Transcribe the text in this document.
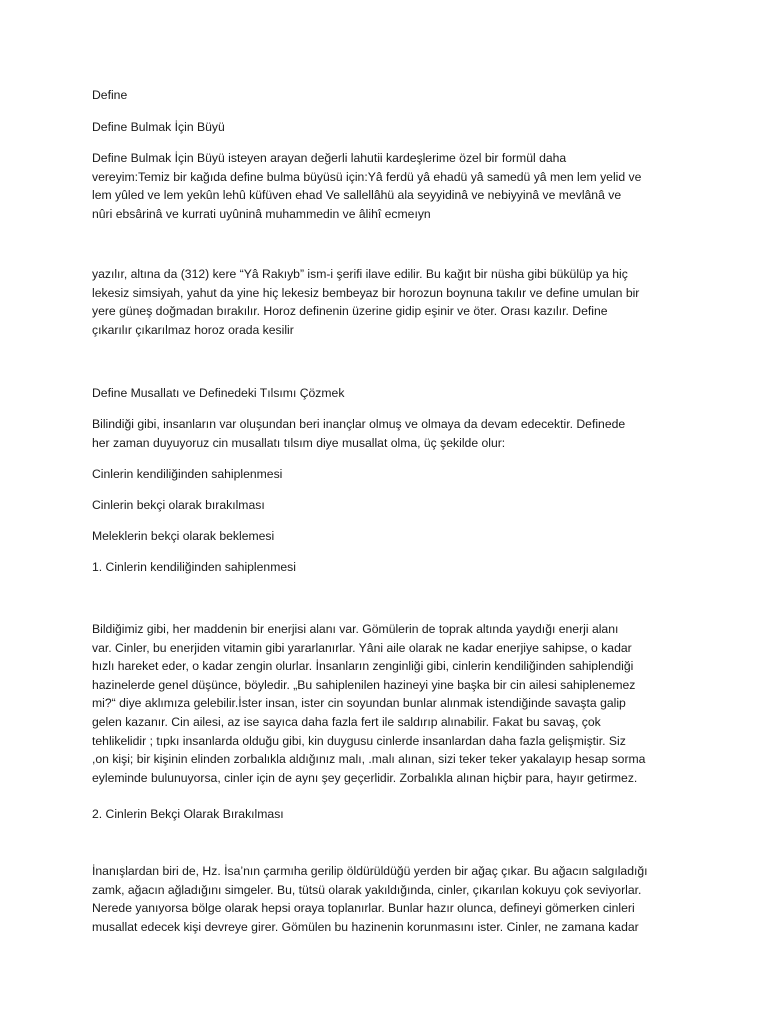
Define

Define Bulmak İçin Büyü

Define Bulmak İçin Büyü isteyen arayan değerli lahutii kardeşlerime özel bir formül daha
vereyim:Temiz bir kağıda define bulma büyüsü için:Yâ ferdü yâ ehadü yâ samedü yâ men lem yelid ve
lem yûled ve lem yekûn lehû küfüven ehad Ve sallellâhü ala seyyidinâ ve nebiyyinâ ve mevlânâ ve
nûri ebsârinâ ve kurrati uyûninâ muhammedin ve âlihî ecmeıyn
yazılır, altına da (312) kere “Yâ Rakıyb” ism-i şerifi ilave edilir. Bu kağıt bir nüsha gibi bükülüp ya hiç
lekesiz simsiyah, yahut da yine hiç lekesiz bembeyaz bir horozun boynuna takılır ve define umulan bir
yere güneş doğmadan bırakılır. Horoz definenin üzerine gidip eşinir ve öter. Orası kazılır. Define
çıkarılır çıkarılmaz horoz orada kesilir

Define Musallatı ve Definedeki Tılsımı Çözmek

Bilindiği gibi, insanların var oluşundan beri inançlar olmuş ve olmaya da devam edecektir. Definede
her zaman duyuyoruz cin musallatı tılsım diye musallat olma, üç şekilde olur:

Cinlerin kendiliğinden sahiplenmesi

Cinlerin bekçi olarak bırakılması

Meleklerin bekçi olarak beklemesi

1. Cinlerin kendiliğinden sahiplenmesi

Bildiğimiz gibi, her maddenin bir enerjisi alanı var. Gömülerin de toprak altında yaydığı enerji alanı
var. Cinler, bu enerjiden vitamin gibi yararlanırlar. Yâni aile olarak ne kadar enerjiye sahipse, o kadar
hızlı hareket eder, o kadar zengin olurlar. İnsanların zenginliği gibi, cinlerin kendiliğinden sahiplendiği
hazinelerde genel düşünce, böyledir. „Bu sahiplenilen hazineyi yine başka bir cin ailesi sahiplenemez
mi?“ diye aklımıza gelebilir.İster insan, ister cin soyundan bunlar alınmak istendiğinde savaşta galip
gelen kazanır. Cin ailesi, az ise sayıca daha fazla fert ile saldırıp alınabilir. Fakat bu savaş, çok
tehlikelidir ; tıpkı insanlarda olduğu gibi, kin duygusu cinlerde insanlardan daha fazla gelişmiştir. Siz
,on kişi; bir kişinin elinden zorbalıkla aldığınız malı, .malı alınan, sizi teker teker yakalayıp hesap sorma
eyleminde bulunuyorsa, cinler için de aynı şey geçerlidir. Zorbalıkla alınan hiçbir para, hayır getirmez.

2. Cinlerin Bekçi Olarak Bırakılması

İnanışlardan biri de, Hz. İsa’nın çarmıha gerilip öldürüldüğü yerden bir ağaç çıkar. Bu ağacın salgıladığı
zamk, ağacın ağladığını simgeler. Bu, tütsü olarak yakıldığında, cinler, çıkarılan kokuyu çok seviyorlar.
Nerede yanıyorsa bölge olarak hepsi oraya toplanırlar. Bunlar hazır olunca, defineyi gömerken cinleri
musallat edecek kişi devreye girer. Gömülen bu hazinenin korunmasını ister. Cinler, ne zamana kadar
